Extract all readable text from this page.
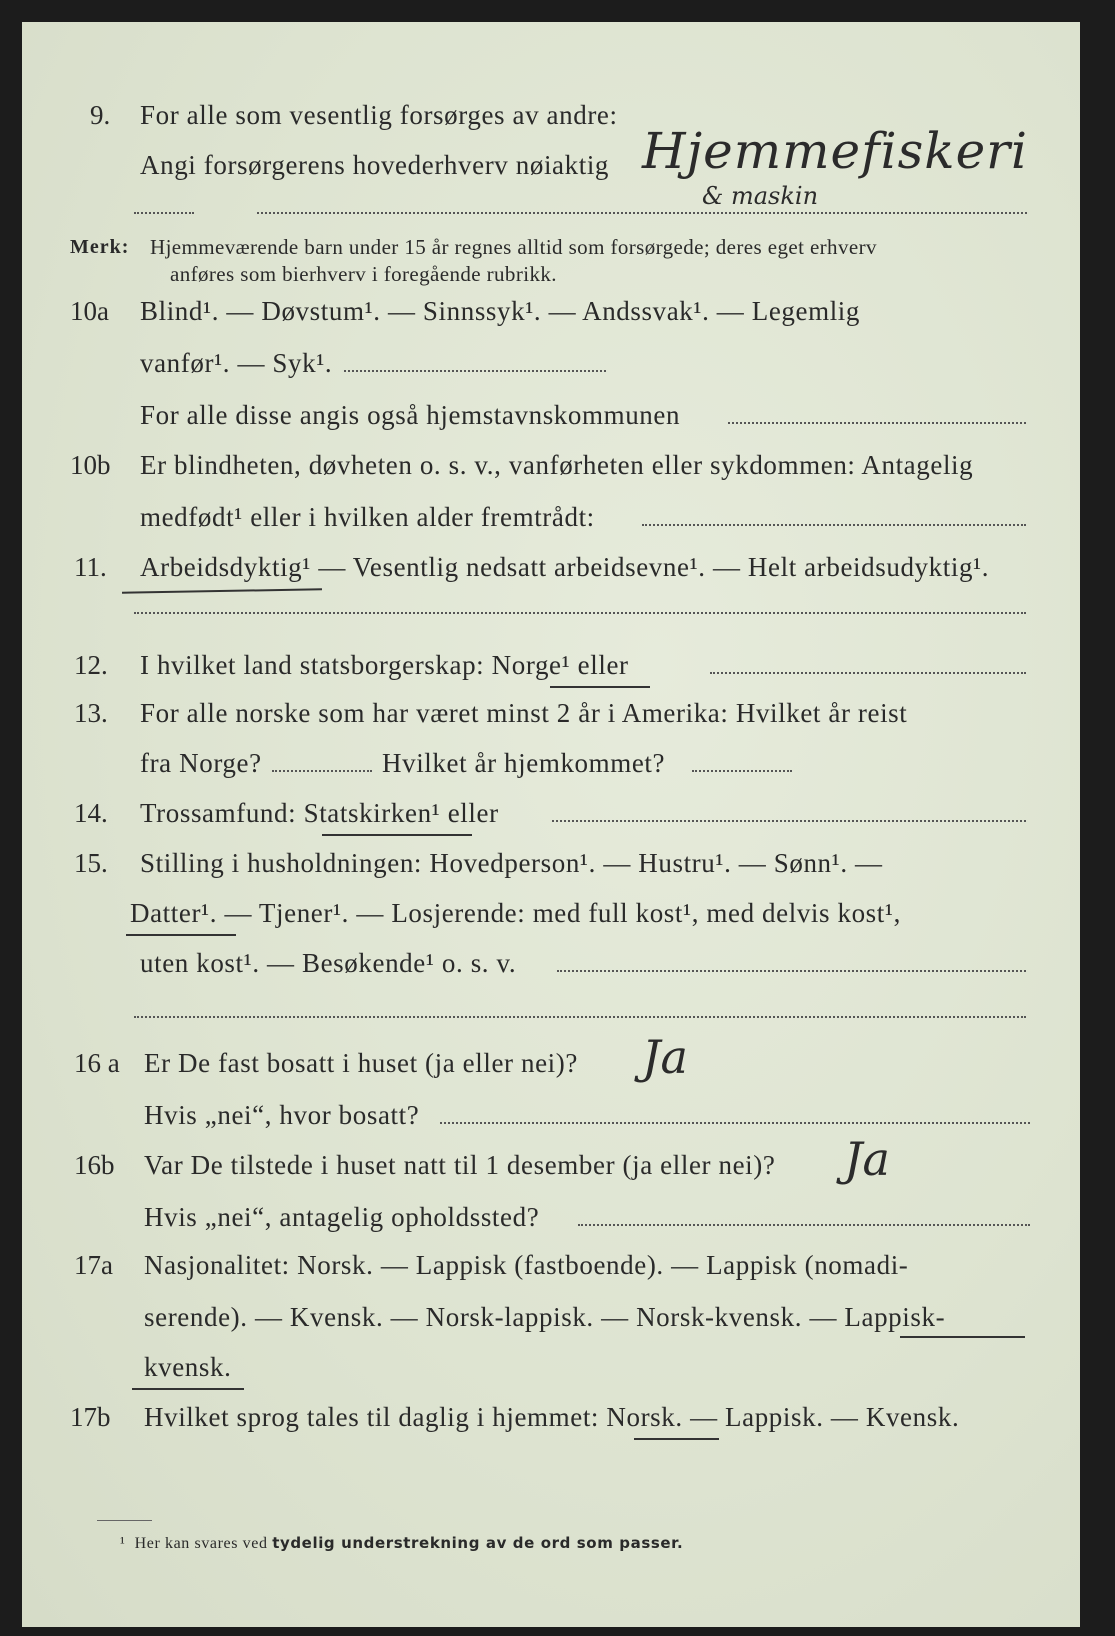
9. For alle som vesentlig forsørges av andre:
Angi forsørgerens hovederhverv nøiaktig Hjemmefiskeri
& maskin
Merk: Hjemmeværende barn under 15 år regnes alltid som forsørgede; deres eget erhverv
anføres som bierhverv i foregående rubrikk.
10a Blind¹. — Døvstum¹. — Sinnssyk¹. — Andssvak¹. — Legemlig
vanfør¹. — Syk¹.
For alle disse angis også hjemstavnskommunen
10b Er blindheten, døvheten o. s. v., vanførheten eller sykdommen: Antagelig
medfødt¹ eller i hvilken alder fremtrådt:
11. Arbeidsdyktig¹ — Vesentlig nedsatt arbeidsevne¹. — Helt arbeidsudyktig¹.
12. I hvilket land statsborgerskap: Norge¹ eller
13. For alle norske som har været minst 2 år i Amerika: Hvilket år reist
fra Norge?	Hvilket år hjemkommet?
14. Trossamfund: Statskirken¹ eller
15. Stilling i husholdningen: Hovedperson¹. — Hustru¹. — Sønn¹. —
Datter¹. — Tjener¹. — Losjerende: med full kost¹, med delvis kost¹,
uten kost¹. — Besøkende¹ o. s. v.
16 a Er De fast bosatt i huset (ja eller nei)? Ja
Hvis „nei“, hvor bosatt?
16b Var De tilstede i huset natt til 1 desember (ja eller nei)? Ja
Hvis „nei“, antagelig opholdssted?
17a Nasjonalitet: Norsk. — Lappisk (fastboende). — Lappisk (nomadi-
serende). — Kvensk. — Norsk-lappisk. — Norsk-kvensk. — Lappisk-
kvensk.
17b Hvilket sprog tales til daglig i hjemmet: Norsk. — Lappisk. — Kvensk.
¹ Her kan svares ved tydelig understrekning av de ord som passer.
